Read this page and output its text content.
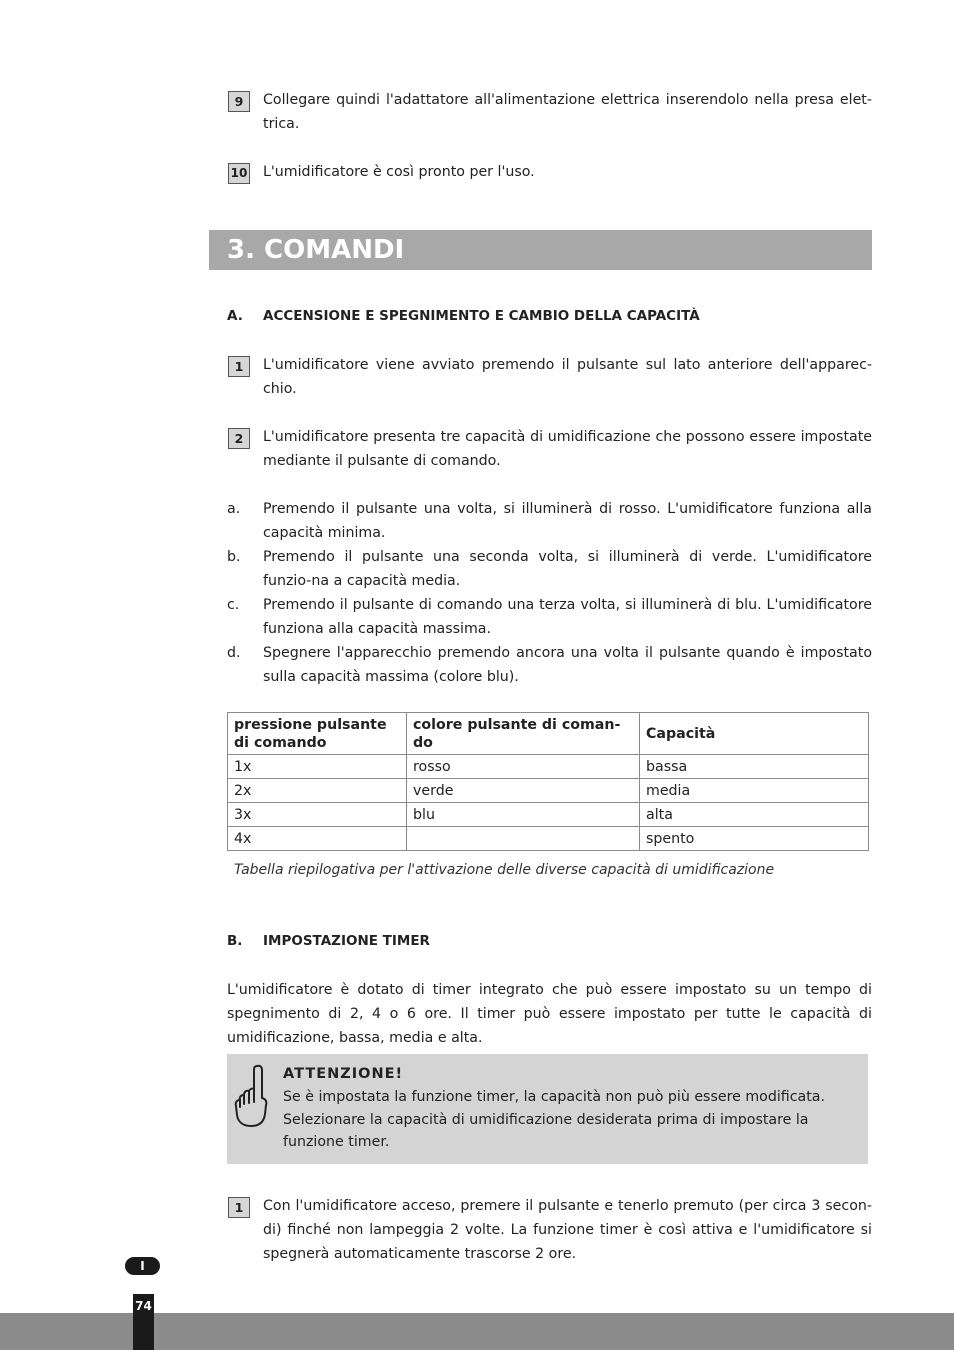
9	Collegare quindi l'adattatore all'alimentazione elettrica inserendolo nella presa elet-trica.
10 L'umidificatore è così pronto per l'uso.
3. COMANDI
A. ACCENSIONE E SPEGNIMENTO E CAMBIO DELLA CAPACITÀ
1	L'umidificatore viene avviato premendo il pulsante sul lato anteriore dell'apparec-chio.
2	L'umidificatore presenta tre capacità di umidificazione che possono essere impostate mediante il pulsante di comando.
a. Premendo il pulsante una volta, si illuminerà di rosso. L'umidificatore funziona alla capacità minima.
b. Premendo il pulsante una seconda volta, si illuminerà di verde. L'umidificatore funzio-na a capacità media.
c. Premendo il pulsante di comando una terza volta, si illuminerà di blu. L'umidificatore funziona alla capacità massima.
d. Spegnere l'apparecchio premendo ancora una volta il pulsante quando è impostato sulla capacità massima (colore blu).
pressione pulsante di comando	colore pulsante di coman-do	Capacità
1x	rosso	bassa
2x	verde	media
3x	blu	alta
4x		spento
Tabella riepilogativa per l'attivazione delle diverse capacità di umidificazione
B. IMPOSTAZIONE TIMER
L'umidificatore è dotato di timer integrato che può essere impostato su un tempo di spegnimento di 2, 4 o 6 ore. Il timer può essere impostato per tutte le capacità di umidificazione, bassa, media e alta.
ATTENZIONE!
Se è impostata la funzione timer, la capacità non può più essere modificata. Selezionare la capacità di umidificazione desiderata prima di impostare la funzione timer.
1	Con l'umidificatore acceso, premere il pulsante e tenerlo premuto (per circa 3 secon-di) finché non lampeggia 2 volte. La funzione timer è così attiva e l'umidificatore si spegnerà automaticamente trascorse 2 ore.
I
74
